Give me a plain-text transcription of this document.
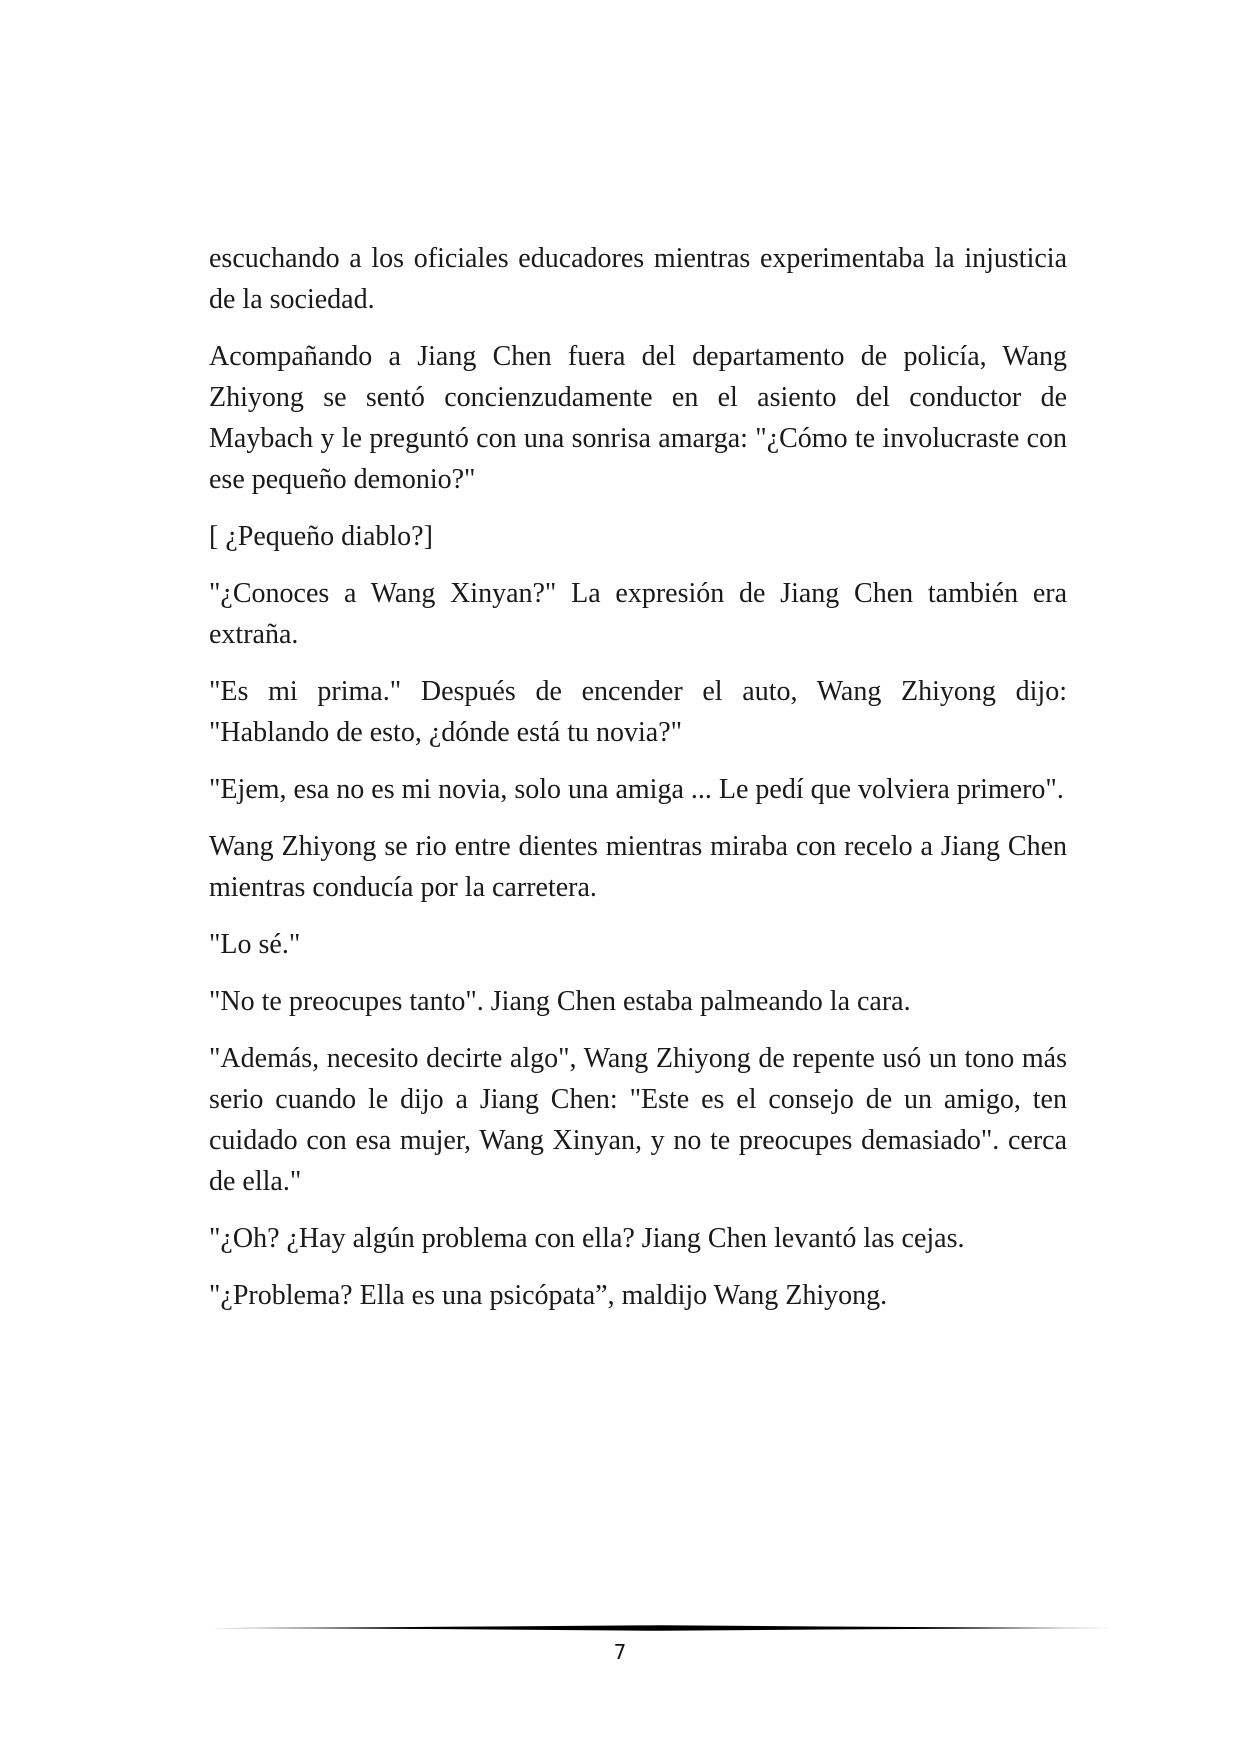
escuchando a los oficiales educadores mientras experimentaba la injusticia de la sociedad.

Acompañando a Jiang Chen fuera del departamento de policía, Wang Zhiyong se sentó concienzudamente en el asiento del conductor de Maybach y le preguntó con una sonrisa amarga: "¿Cómo te involucraste con ese pequeño demonio?"

[ ¿Pequeño diablo?]

"¿Conoces a Wang Xinyan?" La expresión de Jiang Chen también era extraña.

"Es mi prima." Después de encender el auto, Wang Zhiyong dijo: "Hablando de esto, ¿dónde está tu novia?"

"Ejem, esa no es mi novia, solo una amiga ... Le pedí que volviera primero".

Wang Zhiyong se rio entre dientes mientras miraba con recelo a Jiang Chen mientras conducía por la carretera.

"Lo sé."

"No te preocupes tanto". Jiang Chen estaba palmeando la cara.

"Además, necesito decirte algo", Wang Zhiyong de repente usó un tono más serio cuando le dijo a Jiang Chen: "Este es el consejo de un amigo, ten cuidado con esa mujer, Wang Xinyan, y no te preocupes demasiado". cerca de ella."

"¿Oh? ¿Hay algún problema con ella? Jiang Chen levantó las cejas.

"¿Problema? Ella es una psicópata”, maldijo Wang Zhiyong.

7
